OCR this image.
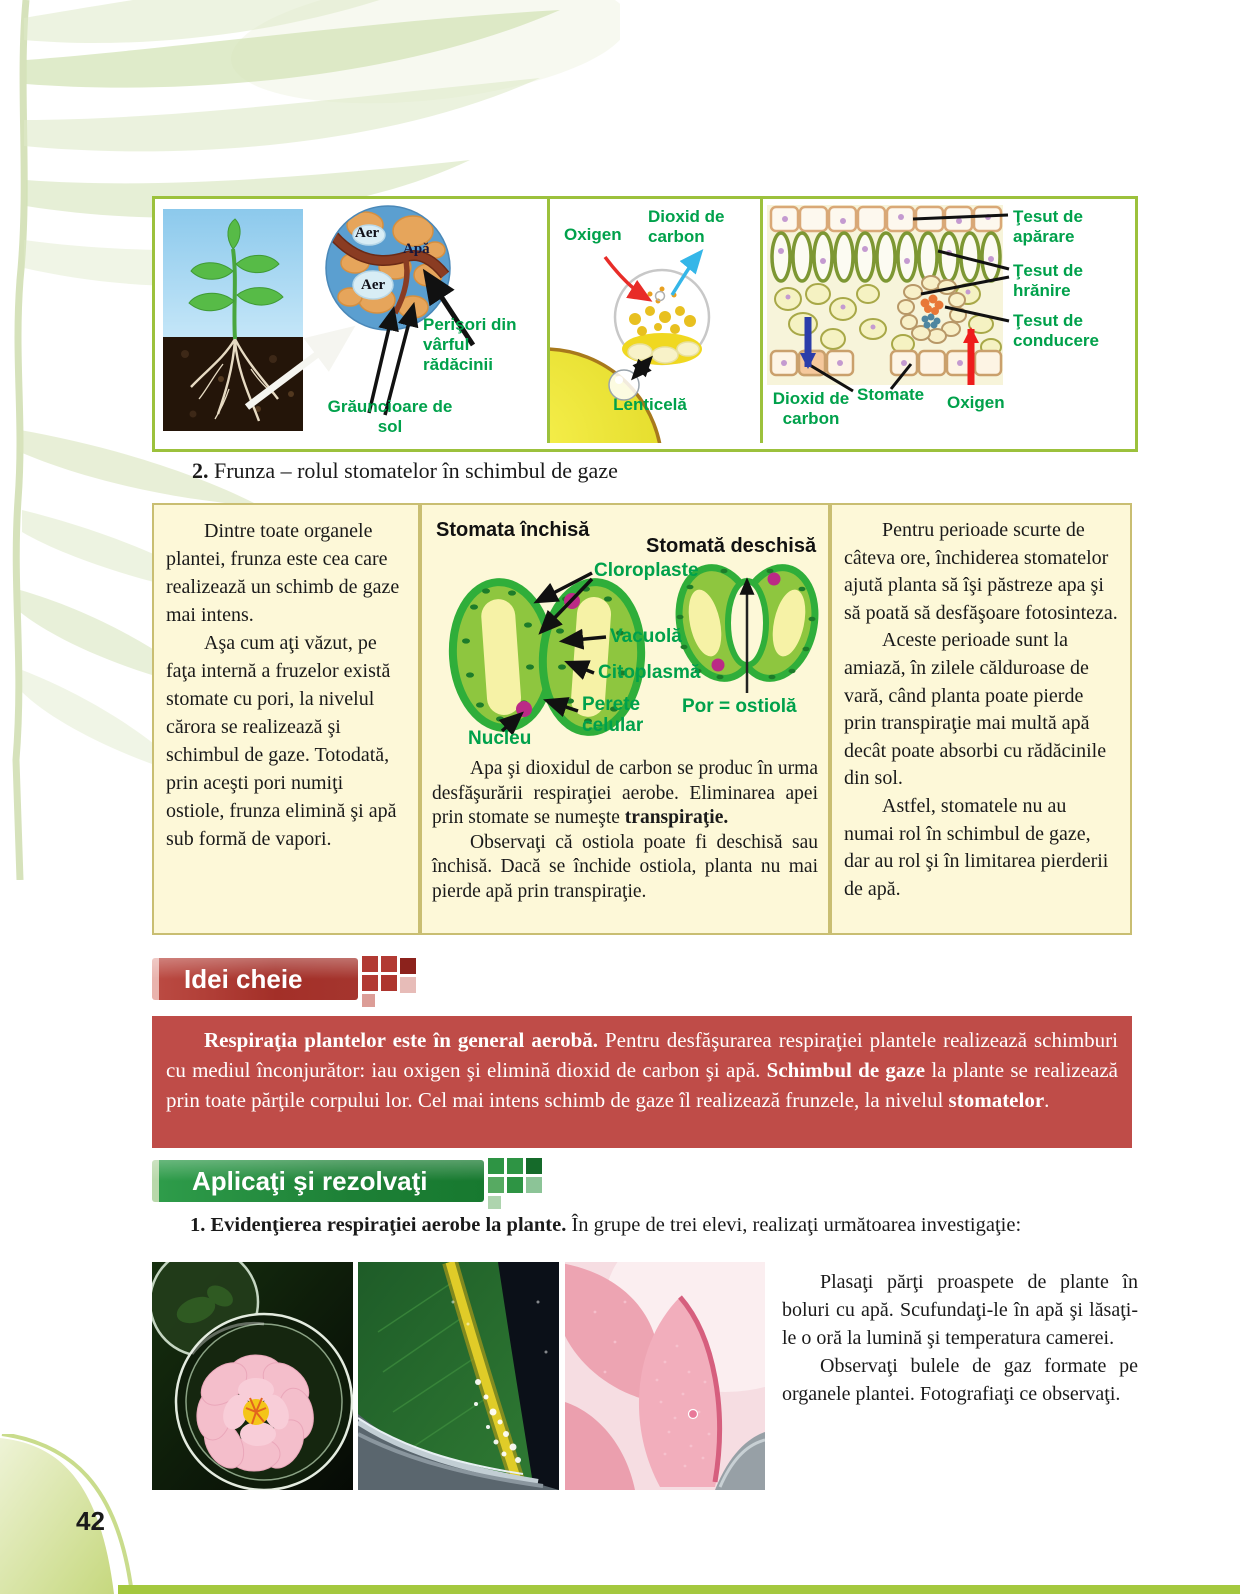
Aer
Apă
Aer
Perişori din vârful rădăcinii
Grăuncioare de sol
Oxigen
Dioxid de carbon
Lenticelă
Ţesut de apărare
Ţesut de hrănire
Ţesut de conducere
Dioxid de carbon
Stomate Oxigen
2. Frunza – rolul stomatelor în schimbul de gaze

Dintre toate organele plantei, frunza este cea care realizează un schimb de gaze mai intens.

Aşa cum aţi văzut, pe faţa internă a fruzelor există stomate cu pori, la nivelul cărora se realizează şi schimbul de gaze. Totodată, prin aceşti pori numiţi ostiole, frunza elimină şi apă sub formă de vapori.

Stomata închisă
Stomată deschisă
Cloroplaste
Vacuolă
Citoplasmă
Perete celular
Nucleu
Por = ostiolă

Apa şi dioxidul de carbon se produc în urma desfăşurării respiraţiei aerobe. Eliminarea apei prin stomate se numeşte transpiraţie.

Observaţi că ostiola poate fi deschisă sau închisă. Dacă se închide ostiola, planta nu mai pierde apă prin transpiraţie.

Pentru perioade scurte de câteva ore, închiderea stomatelor ajută planta să îşi păstreze apa şi să poată să desfăşoare fotosinteza.

Aceste perioade sunt la amiază, în zilele călduroase de vară, când planta poate pierde prin transpiraţie mai multă apă decât poate absorbi cu rădăcinile din sol.

Astfel, stomatele nu au numai rol în schimbul de gaze, dar au rol şi în limitarea pierderii de apă.

Idei cheie

Respiraţia plantelor este în general aerobă. Pentru desfăşurarea respiraţiei plantele realizează schimburi cu mediul înconjurător: iau oxigen şi elimină dioxid de carbon şi apă. Schimbul de gaze la plante se realizează prin toate părţile corpului lor. Cel mai intens schimb de gaze îl realizează frunzele, la nivelul stomatelor.

Aplicaţi şi rezolvaţi

1. Evidenţierea respiraţiei aerobe la plante. În grupe de trei elevi, realizaţi următoarea investigaţie:

Plasaţi părţi proaspete de plante în boluri cu apă. Scufundaţi-le în apă şi lăsaţi-le o oră la lumină şi temperatura camerei.

Observaţi bulele de gaz formate pe organele plantei. Fotografiaţi ce observaţi.

42
